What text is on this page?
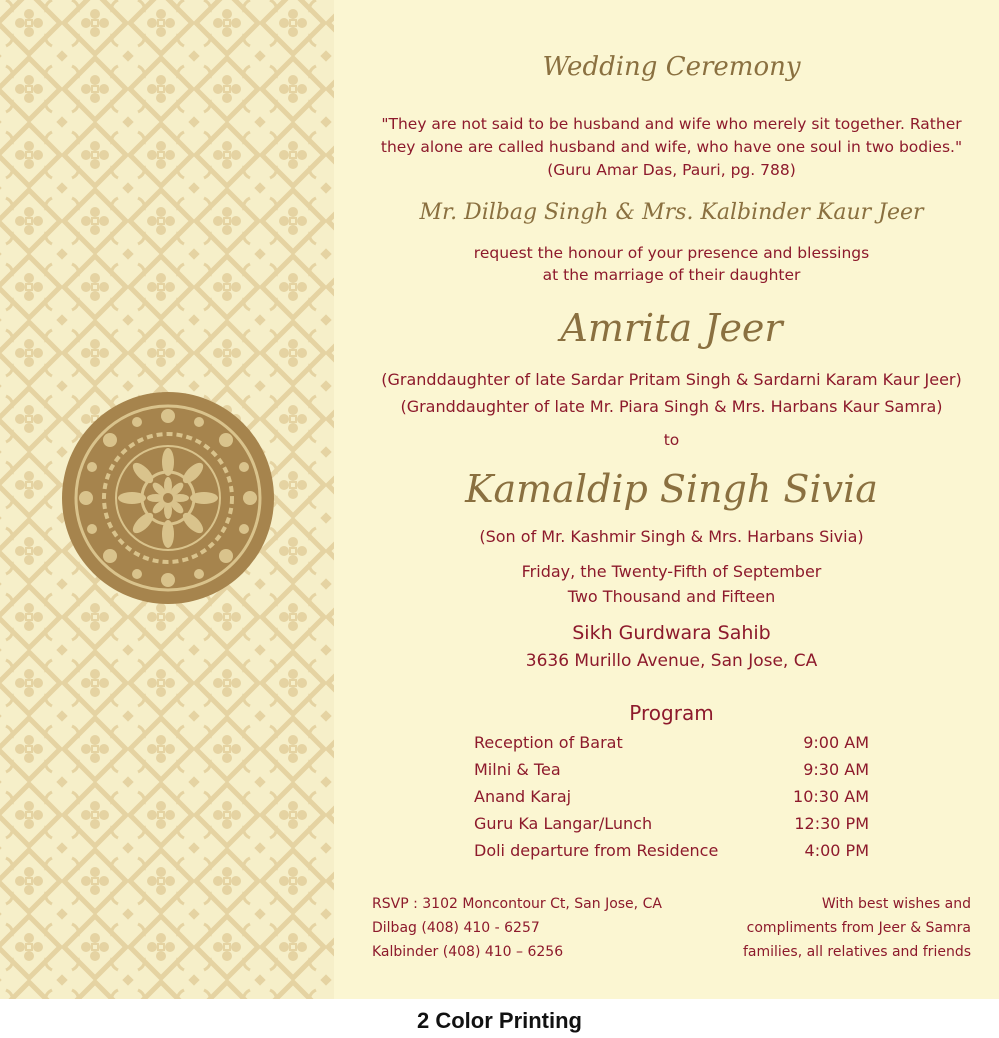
Wedding Ceremony
"They are not said to be husband and wife who merely sit together. Rather
they alone are called husband and wife, who have one soul in two bodies."
(Guru Amar Das, Pauri, pg. 788)
Mr. Dilbag Singh & Mrs. Kalbinder Kaur Jeer
request the honour of your presence and blessings
at the marriage of their daughter
Amrita Jeer
(Granddaughter of late Sardar Pritam Singh & Sardarni Karam Kaur Jeer)
(Granddaughter of late Mr. Piara Singh & Mrs. Harbans Kaur Samra)
to
Kamaldip Singh Sivia
(Son of Mr. Kashmir Singh & Mrs. Harbans Sivia)
Friday, the Twenty-Fifth of September
Two Thousand and Fifteen
Sikh Gurdwara Sahib
3636 Murillo Avenue, San Jose, CA
Program
Reception of Barat	9:00 AM
Milni & Tea	9:30 AM
Anand Karaj	10:30 AM
Guru Ka Langar/Lunch	12:30 PM
Doli departure from Residence	4:00 PM
RSVP : 3102 Moncontour Ct, San Jose, CA
Dilbag (408) 410 - 6257
Kalbinder (408) 410 – 6256
With best wishes and
compliments from Jeer & Samra
families, all relatives and friends
2 Color Printing
